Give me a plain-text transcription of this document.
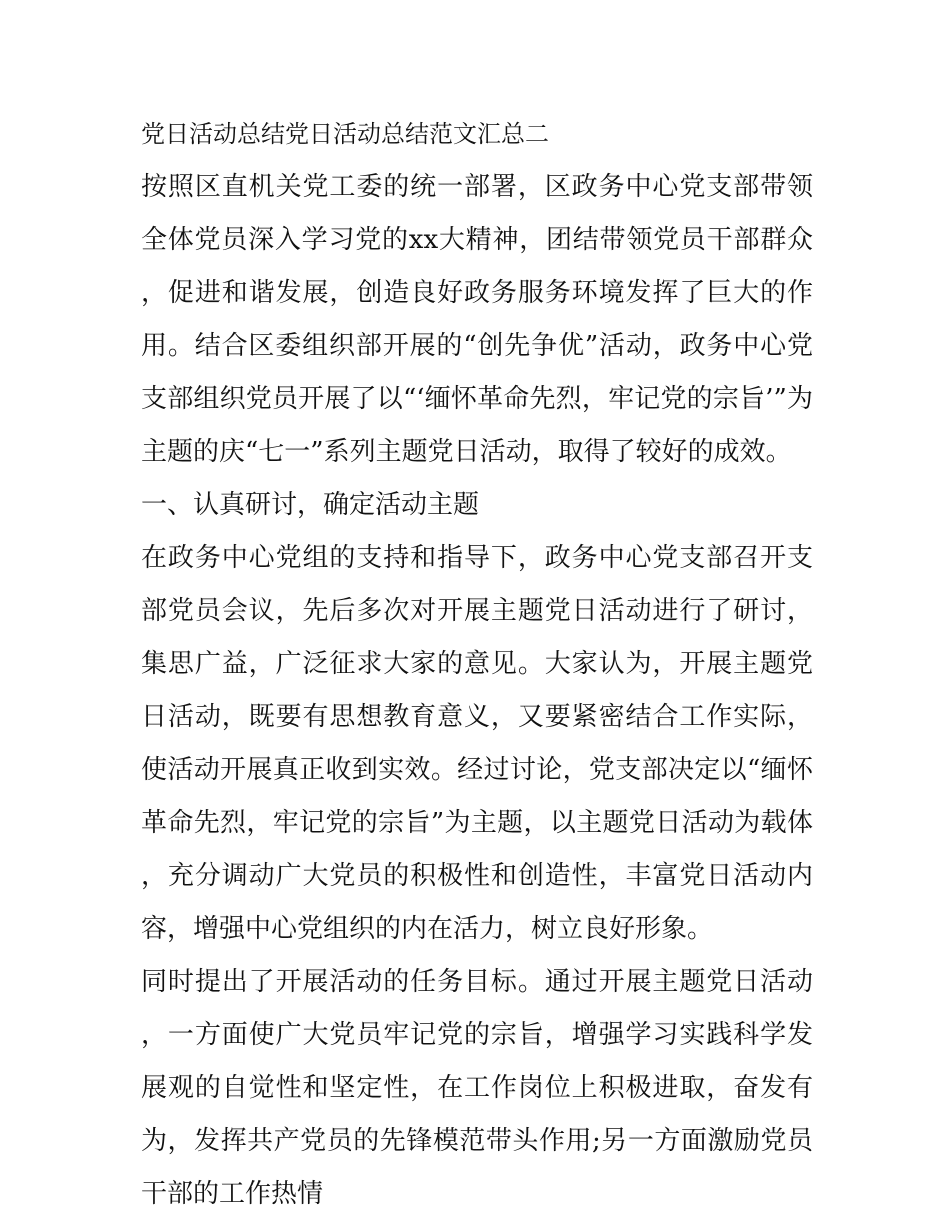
党日活动总结党日活动总结范文汇总二

按照区直机关党工委的统一部署，区政务中心党支部带领全体党员深入学习党的xx大精神，团结带领党员干部群众，促进和谐发展，创造良好政务服务环境发挥了巨大的作用。结合区委组织部开展的“创先争优”活动，政务中心党支部组织党员开展了以“‘缅怀革命先烈，牢记党的宗旨’”为主题的庆“七一”系列主题党日活动，取得了较好的成效。

一、认真研讨，确定活动主题

在政务中心党组的支持和指导下，政务中心党支部召开支部党员会议，先后多次对开展主题党日活动进行了研讨，集思广益，广泛征求大家的意见。大家认为，开展主题党日活动，既要有思想教育意义，又要紧密结合工作实际，使活动开展真正收到实效。经过讨论，党支部决定以“缅怀革命先烈，牢记党的宗旨”为主题，以主题党日活动为载体，充分调动广大党员的积极性和创造性，丰富党日活动内容，增强中心党组织的内在活力，树立良好形象。

同时提出了开展活动的任务目标。通过开展主题党日活动，一方面使广大党员牢记党的宗旨，增强学习实践科学发展观的自觉性和坚定性，在工作岗位上积极进取，奋发有为，发挥共产党员的先锋模范带头作用;另一方面激励党员干部的工作热情
